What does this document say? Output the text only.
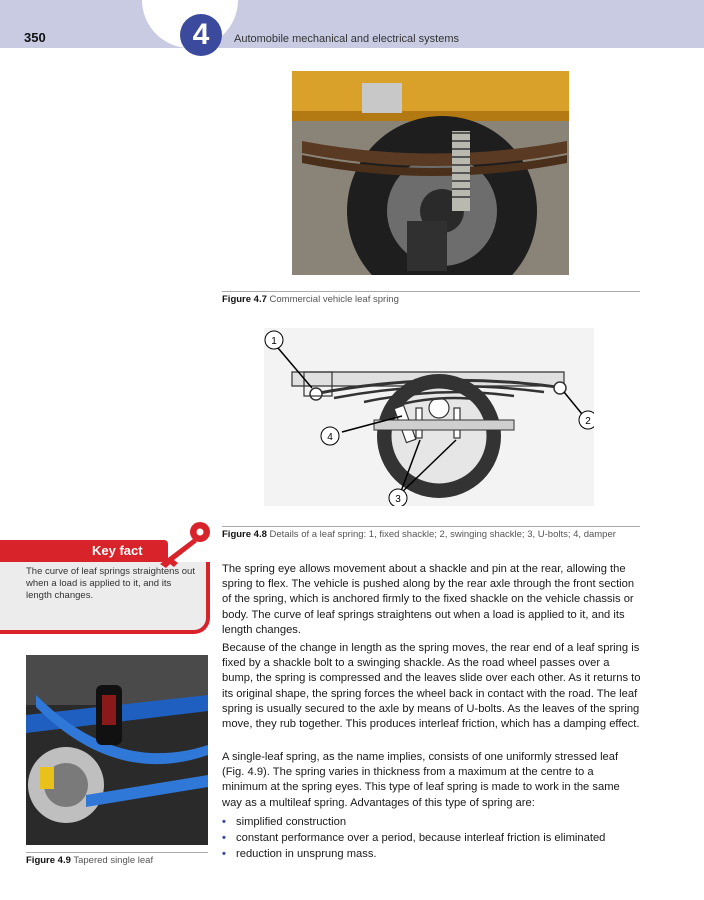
350	4	Automobile mechanical and electrical systems
Figure 4.7 Commercial vehicle leaf spring
1
2
3
4
Figure 4.8 Details of a leaf spring: 1, fixed shackle; 2, swinging shackle; 3, U-bolts; 4, damper
Key fact
The curve of leaf springs straightens out when a load is applied to it, and its length changes.
Figure 4.9 Tapered single leaf

The spring eye allows movement about a shackle and pin at the rear, allowing the spring to flex. The vehicle is pushed along by the rear axle through the front section of the spring, which is anchored firmly to the fixed shackle on the vehicle chassis or body. The curve of leaf springs straightens out when a load is applied to it, and its length changes.

Because of the change in length as the spring moves, the rear end of a leaf spring is fixed by a shackle bolt to a swinging shackle. As the road wheel passes over a bump, the spring is compressed and the leaves slide over each other. As it returns to its original shape, the spring forces the wheel back in contact with the road. The leaf spring is usually secured to the axle by means of U-bolts. As the leaves of the spring move, they rub together. This produces interleaf friction, which has a damping effect.

A single-leaf spring, as the name implies, consists of one uniformly stressed leaf (Fig. 4.9). The spring varies in thickness from a maximum at the centre to a minimum at the spring eyes. This type of leaf spring is made to work in the same way as a multileaf spring. Advantages of this type of spring are:

• simplified construction
• constant performance over a period, because interleaf friction is eliminated
• reduction in unsprung mass.
